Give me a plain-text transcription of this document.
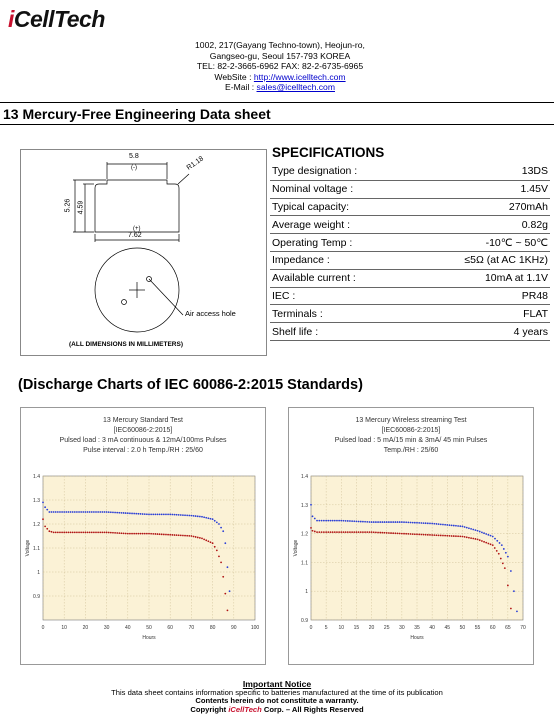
iCellTech
1002, 217(Gayang Techno-town), Heojun-ro,
Gangseo-gu, Seoul 157-793 KOREA
TEL: 82-2-3665-6962 FAX: 82-2-6735-6965
WebSite : http://www.icelltech.com
E-Mail : sales@icelltech.com
13 Mercury-Free Engineering Data sheet
5.8
(-)	R1.18
5.26 4.59
(+)
7.62
Air access hole
(ALL DIMENSIONS IN MILLIMETERS)
SPECIFICATIONS
Type designation :	13DS
Nominal voltage :	1.45V
Typical capacity:	270mAh
Average weight :	0.82g
Operating Temp :	-10℃ ~ 50℃
Impedance :	≤5Ω (at AC 1KHz)
Available current :	10mA at 1.1V
IEC :	PR48
Terminals :	FLAT
Shelf life :	4 years
(Discharge Charts of IEC 60086-2:2015 Standards)
13 Mercury Standard Test
[IEC60086-2:2015]
Pulsed load : 3 mA continuous & 12mA/100ms Pulses
Pulse interval : 2.0 h Temp./RH : 25/60
0	10	20	30	40	50	60	70	80	90	100
0.9
1
1.1
1.2
1.3
1.4
Hours
Voltage
13 Mercury Wireless streaming Test
[IEC60086-2:2015]
Pulsed load : 5 mA/15 min & 3mA/ 45 min Pulses
Temp./RH : 25/60
0 5 10 15 20 25 30 35 40 45 50 55 60 65 70
0.9
1
1.1
1.2
1.3
1.4
Hours
Voltage
Important Notice
This data sheet contains information specific to batteries manufactured at the time of its publication
Contents herein do not constitute a warranty.
Copyright iCellTech Corp. – All Rights Reserved
